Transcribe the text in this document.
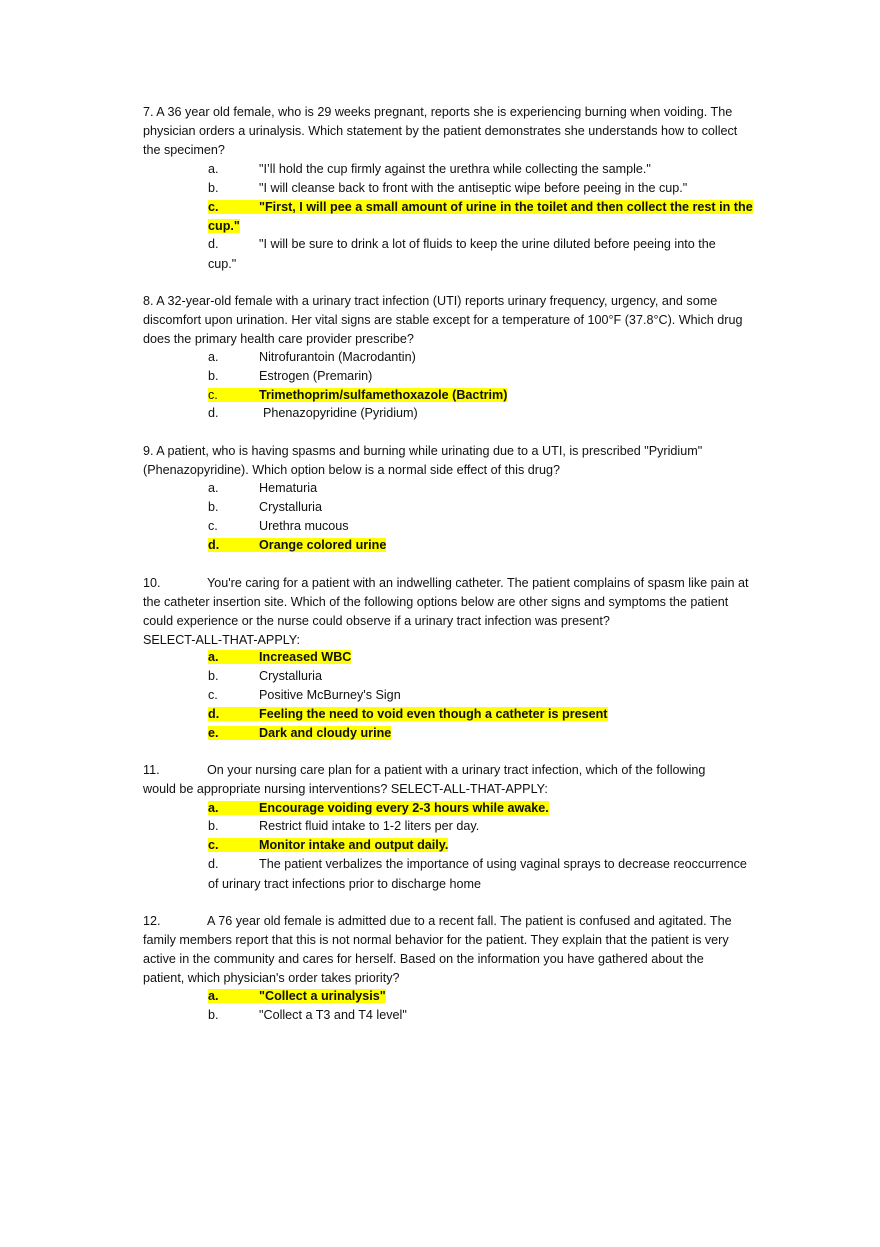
7. A 36 year old female, who is 29 weeks pregnant, reports she is experiencing burning when voiding. The
physician orders a urinalysis. Which statement by the patient demonstrates she understands how to collect
the specimen?
a.	"I’ll hold the cup firmly against the urethra while collecting the sample."
b.	"I will cleanse back to front with the antiseptic wipe before peeing in the cup."
c.	"First, I will pee a small amount of urine in the toilet and then collect the rest in the
cup."
d.	"I will be sure to drink a lot of fluids to keep the urine diluted before peeing into the
cup."
8. A 32-year-old female with a urinary tract infection (UTI) reports urinary frequency, urgency, and some
discomfort upon urination. Her vital signs are stable except for a temperature of 100°F (37.8°C). Which drug
does the primary health care provider prescribe?
a.	Nitrofurantoin (Macrodantin)
b.	Estrogen (Premarin)
c.	Trimethoprim/sulfamethoxazole (Bactrim)
d.	Phenazopyridine (Pyridium)
9. A patient, who is having spasms and burning while urinating due to a UTI, is prescribed "Pyridium"
(Phenazopyridine). Which option below is a normal side effect of this drug?
a.	Hematuria
b.	Crystalluria
c.	Urethra mucous
d.	Orange colored urine
10.	You're caring for a patient with an indwelling catheter. The patient complains of spasm like pain at
the catheter insertion site. Which of the following options below are other signs and symptoms the patient
could experience or the nurse could observe if a urinary tract infection was present?
SELECT-ALL-THAT-APPLY:
a.	Increased WBC
b.	Crystalluria
c.	Positive McBurney's Sign
d.	Feeling the need to void even though a catheter is present
e.	Dark and cloudy urine
11.	On your nursing care plan for a patient with a urinary tract infection, which of the following
would be appropriate nursing interventions? SELECT-ALL-THAT-APPLY:
a.	Encourage voiding every 2-3 hours while awake.
b.	Restrict fluid intake to 1-2 liters per day.
c.	Monitor intake and output daily.
d.	The patient verbalizes the importance of using vaginal sprays to decrease reoccurrence
of urinary tract infections prior to discharge home
12.	A 76 year old female is admitted due to a recent fall. The patient is confused and agitated. The
family members report that this is not normal behavior for the patient. They explain that the patient is very
active in the community and cares for herself. Based on the information you have gathered about the
patient, which physician's order takes priority?
a.	"Collect a urinalysis"
b.	"Collect a T3 and T4 level"
